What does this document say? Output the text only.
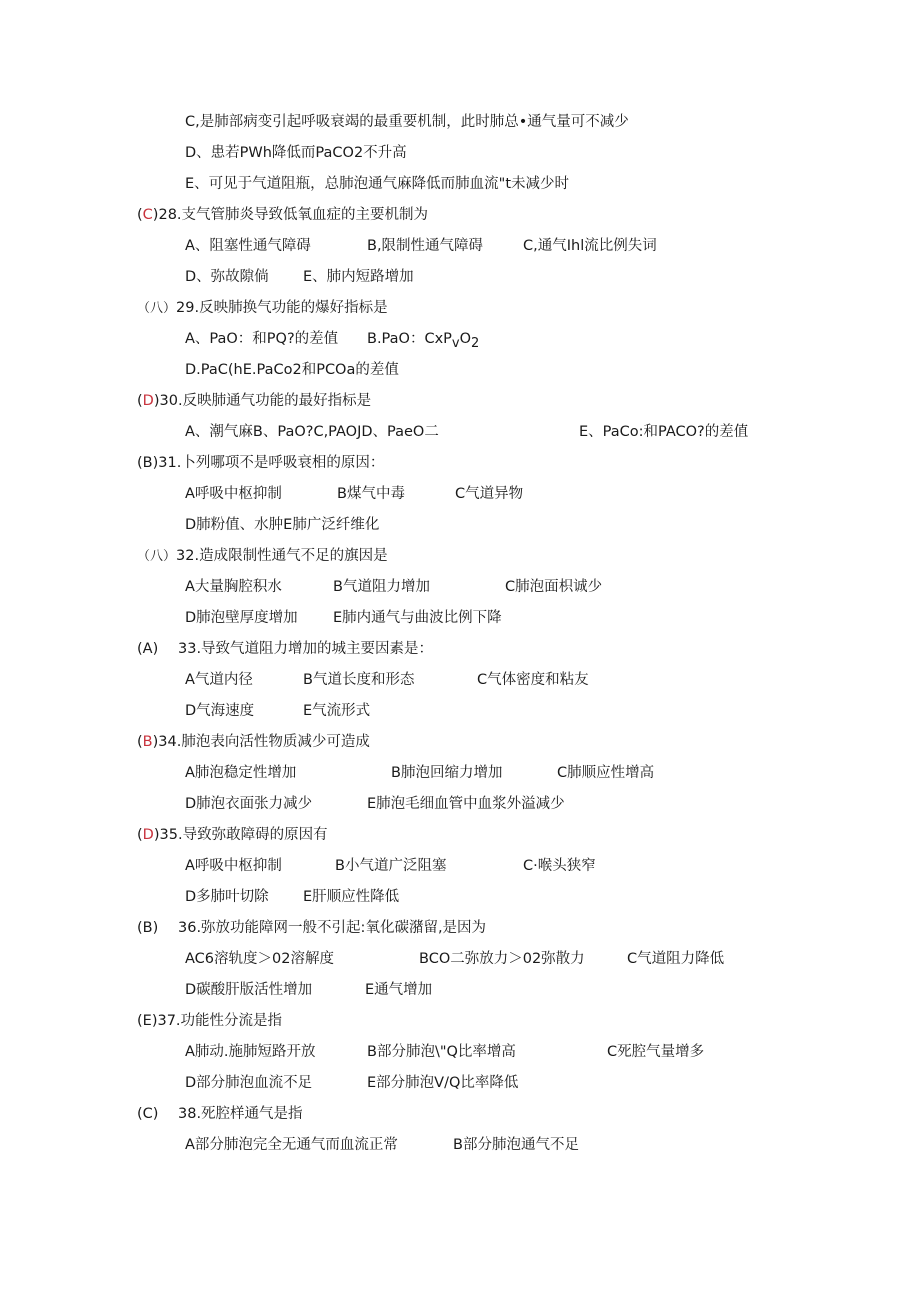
C,是肺部病变引起呼吸衰竭的最重要机制，此时肺总•通气量可不减少
D、患若PWh降低而PaCO2不升高
E、可见于气道阻瓶，总肺泡通气麻降低而肺血流"t未减少时
(C)28.支气管肺炎导致低氧血症的主要机制为
A、阻塞性通气障碍	B,限制性通气障碍	C,通气Ihl流比例失词
D、弥故隙倘 E、肺内短路增加
（八）29.反映肺换气功能的爆好指标是
A、PaO：和PQ?的差值 B.PaO：$CxP_vO_2$
D.PaC(hE.PaCo2和PCOa的差值
(D)30.反映肺通气功能的最好指标是
A、潮气麻B、PaO?C,PAOJD、PaeO二	E、PaCo:和PACO?的差值
(B)31.卜列哪项不是呼吸衰相的原因：
A呼吸中枢抑制	B煤气中毒	C气道异物
D肺粉值、水肿E肺广泛纤维化
（八）32.造成限制性通气不足的旗因是
A大量胸腔积水	B气道阻力增加	C肺泡面枳诚少
D肺泡壁厚度增加 E肺内通气与曲波比例下降
(A) 33.导致气道阻力增加的城主要因素是：
A气道内径	B气道长度和形态	C气体密度和粘友
D气海速度	E气流形式
(B)34.肺泡表向活性物质减少可造成
A肺泡稳定性增加	B肺泡回缩力增加	C肺顺应性增高
D肺泡衣面张力减少	E肺泡毛细血管中血浆外溢减少
(D)35.导致弥敢障碍的原因有
A呼吸中枢抑制	B小气道广泛阻塞	C·喉头狭窄
D多肺叶切除 E肝顺应性降低
(B) 36.弥放功能障网一般不引起:氧化碳潴留,是因为
AC6溶轨度＞02溶解度	BCO二弥放力＞02弥散力	C气道阻力降低
D碳酸肝版活性增加	E通气增加
(E)37.功能性分流是指
A肺动.施肺短路开放	B部分肺泡\"Q比率增高	C死腔气量增多
D部分肺泡血流不足	E部分肺泡V/Q比率降低
(C) 38.死腔样通气是指
A部分肺泡完全无通气而血流正常	B部分肺泡通气不足
